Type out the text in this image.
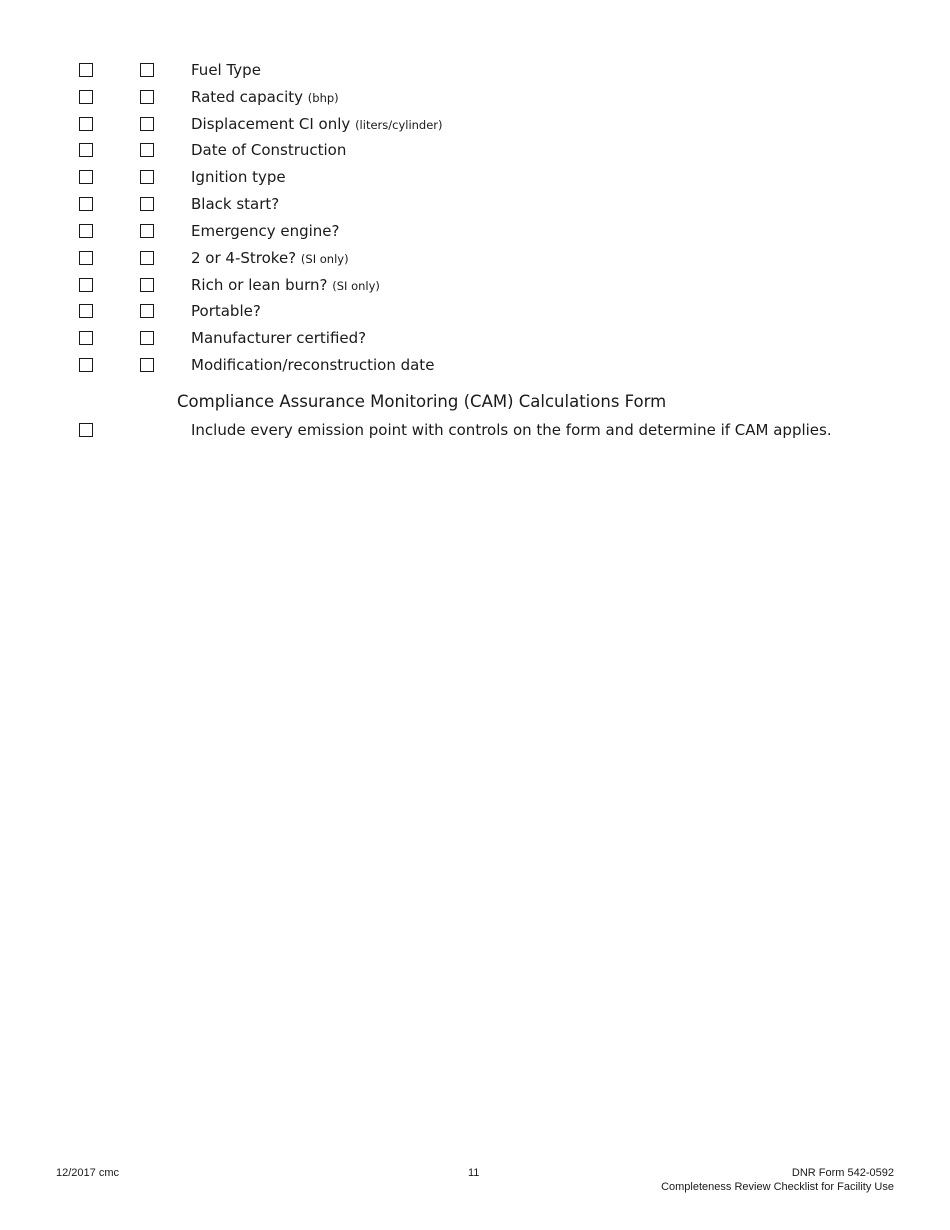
Fuel Type
Rated capacity (bhp)
Displacement CI only (liters/cylinder)
Date of Construction
Ignition type
Black start?
Emergency engine?
2 or 4-Stroke? (SI only)
Rich or lean burn? (SI only)
Portable?
Manufacturer certified?
Modification/reconstruction date
Compliance Assurance Monitoring (CAM) Calculations Form
Include every emission point with controls on the form and determine if CAM applies.
12/2017 cmc	11	DNR Form 542-0592
Completeness Review Checklist for Facility Use
